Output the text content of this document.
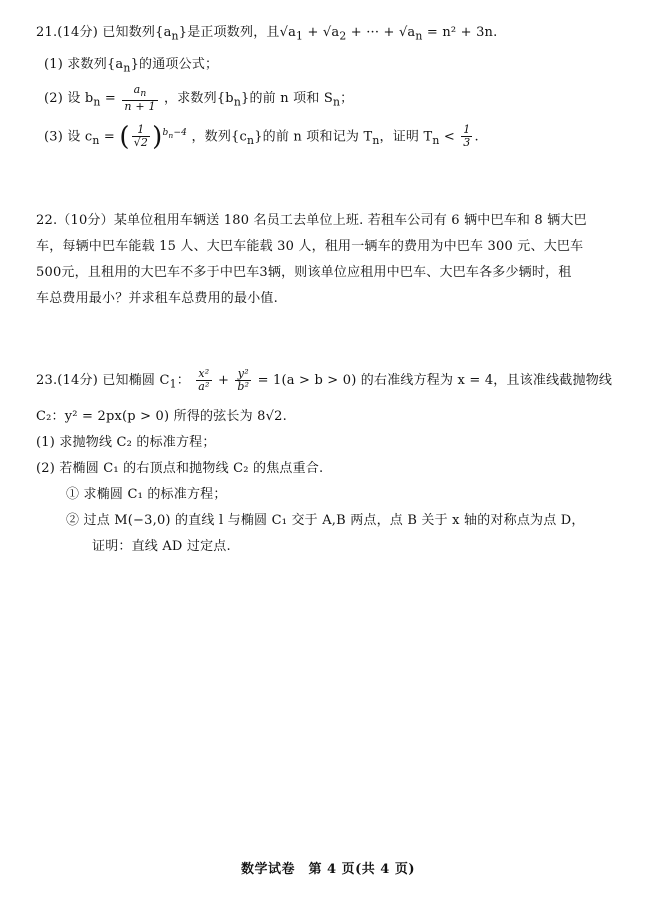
21.(14分) 已知数列$\{a_n\}$是正项数列，且$√a_1 + √a_2$ + ··· + $√a_n = n^2 + 3n$.
(1) 求数列$\{a_n\}$的通项公式；
(2) 设 $b_n = \frac{a_n}{n + 1}$ ，求数列$\{b_n\}$的前 n 项和 $S_n$；
(3) 设 $c_n$ = ( $\frac{1}{√2} )^{b_n-4}$ ，数列$\{c_n\}$的前 n 项和记为 $T_n$，证明 $T_n < \frac{1}{3}$ .
22.（10分）某单位租用车辆送 180 名员工去单位上班. 若租车公司有 6 辆中巴车和 8 辆大巴
车，每辆中巴车能载 15 人、大巴车能载 30 人，租用一辆车的费用为中巴车 300 元、大巴车
500元，且租用的大巴车不多于中巴车3辆，则该单位应租用中巴车、大巴车各多少辆时，租
车总费用最小？并求租车总费用的最小值.
23.(14分) 已知椭圆 $C_1$： $\frac{\text{x²}}{\text{a²}} + \frac{\text{y²}}{\text{b²}} = 1(a > b > 0)$ 的右准线方程为 x = 4，且该准线截抛物线
C₂：y² = 2px(p > 0) 所得的弦长为 8√2.
(1) 求抛物线 C₂ 的标准方程；
(2) 若椭圆 C₁ 的右顶点和抛物线 C₂ 的焦点重合.
① 求椭圆 C₁ 的标准方程；
② 过点 M(−3,0) 的直线 l 与椭圆 C₁ 交于 A,B 两点，点 B 关于 x 轴的对称点为点 D，
证明：直线 AD 过定点.
数学试卷　第 4 页(共 4 页)
